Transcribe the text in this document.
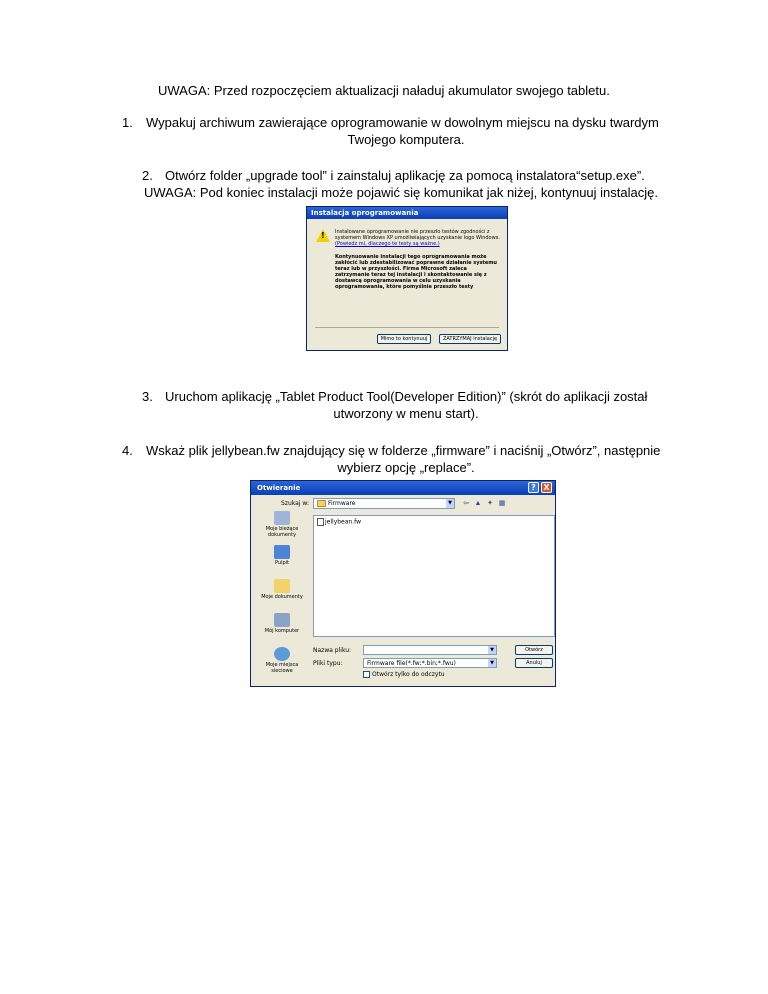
UWAGA: Przed rozpoczęciem aktualizacji naładuj akumulator swojego tabletu.
1. Wypakuj archiwum zawierające oprogramowanie w dowolnym miejscu na dysku twardym
Twojego komputera.
2. Otwórz folder „upgrade tool” i zainstaluj aplikację za pomocą instalatora“setup.exe”.
UWAGA: Pod koniec instalacji może pojawić się komunikat jak niżej, kontynuuj instalację.
Instalacja oprogramowania
! Instalowane oprogramowanie nie przeszło testów zgodności z systemem Windows XP umożliwiających uzyskanie logo Windows. (Powiedz mi, dlaczego te testy są ważne.)
Kontynuowanie instalacji tego oprogramowania może zakłócić lub zdestabilizować poprawne działanie systemu teraz lub w przyszłości. Firma Microsoft zaleca zatrzymanie teraz tej instalacji i skontaktowanie się z dostawcą oprogramowania w celu uzyskania oprogramowania, które pomyślnie przeszło testy
Mimo to kontynuuj	ZATRZYMAJ instalację
3. Uruchom aplikację „Tablet Product Tool(Developer Edition)” (skrót do aplikacji został
utworzony w menu start).
4. Wskaż plik jellybean.fw znajdujący się w folderze „firmware” i naciśnij „Otwórz”, następnie
wybierz opcję „replace”.
Otwieranie	? X
Szukaj w:	Firmware	▼ ⇦ ▲ ✦ ▦
Moje bieżące dokumenty
Pulpit
Moje dokumenty
Mój komputer
Moje miejsca sieciowe
jellybean.fw
Nazwa pliku:	▼
Pliki typu:	Firmware file(*.fw;*.bin;*.fwu)	▼
Otwórz tylko do odczytu
Otwórz
Anuluj
